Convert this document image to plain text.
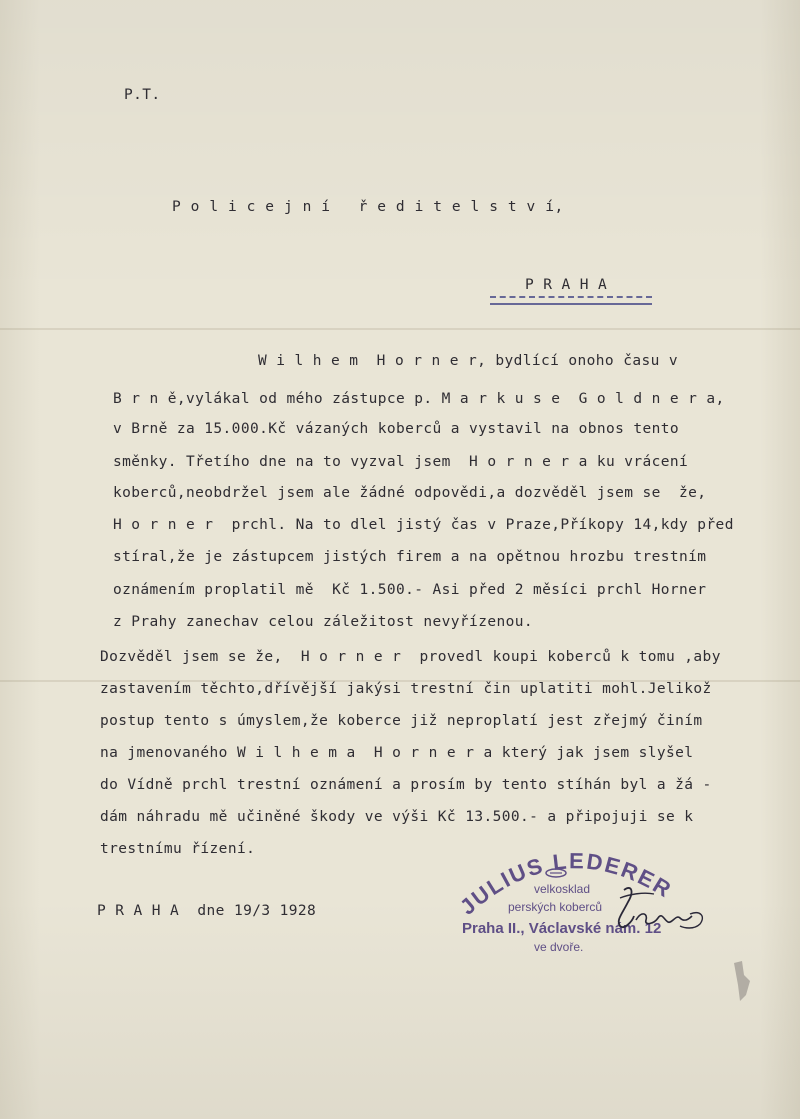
P.T.
P o l i c e j n í   ř e d i t e l s t v í,
P R A H A
W i l h e m  H o r n e r, bydlící onoho času v
B r n ě,vylákal od mého zástupce p. M a r k u s e  G o l d n e r a,
v Brně za 15.000.Kč vázaných koberců a vystavil na obnos tento
směnky. Třetího dne na to vyzval jsem  H o r n e r a ku vrácení
koberců,neobdržel jsem ale žádné odpovědi,a dozvěděl jsem se  že,
H o r n e r  prchl. Na to dlel jistý čas v Praze,Příkopy 14,kdy před
stíral,že je zástupcem jistých firem a na opětnou hrozbu trestním
oznámením proplatil mě  Kč 1.500.- Asi před 2 měsíci prchl Horner
z Prahy zanechav celou záležitost nevyřízenou.
Dozvěděl jsem se že,  H o r n e r  provedl koupi koberců k tomu ,aby
zastavením těchto,dřívější jakýsi trestní čin uplatiti mohl.Jelikož
postup tento s úmyslem,že koberce již neproplatí jest zřejmý činím
na jmenovaného W i l h e m a  H o r n e r a který jak jsem slyšel
do Vídně prchl trestní oznámení a prosím by tento stíhán byl a žá -
dám náhradu mě učiněné škody ve výši Kč 13.500.- a připojuji se k
trestnímu řízení.
P R A H A  dne 19/3 1928	JULIUS LEDERER
velkosklad
perských koberců
Praha II., Václavské nám. 12
ve dvoře.
